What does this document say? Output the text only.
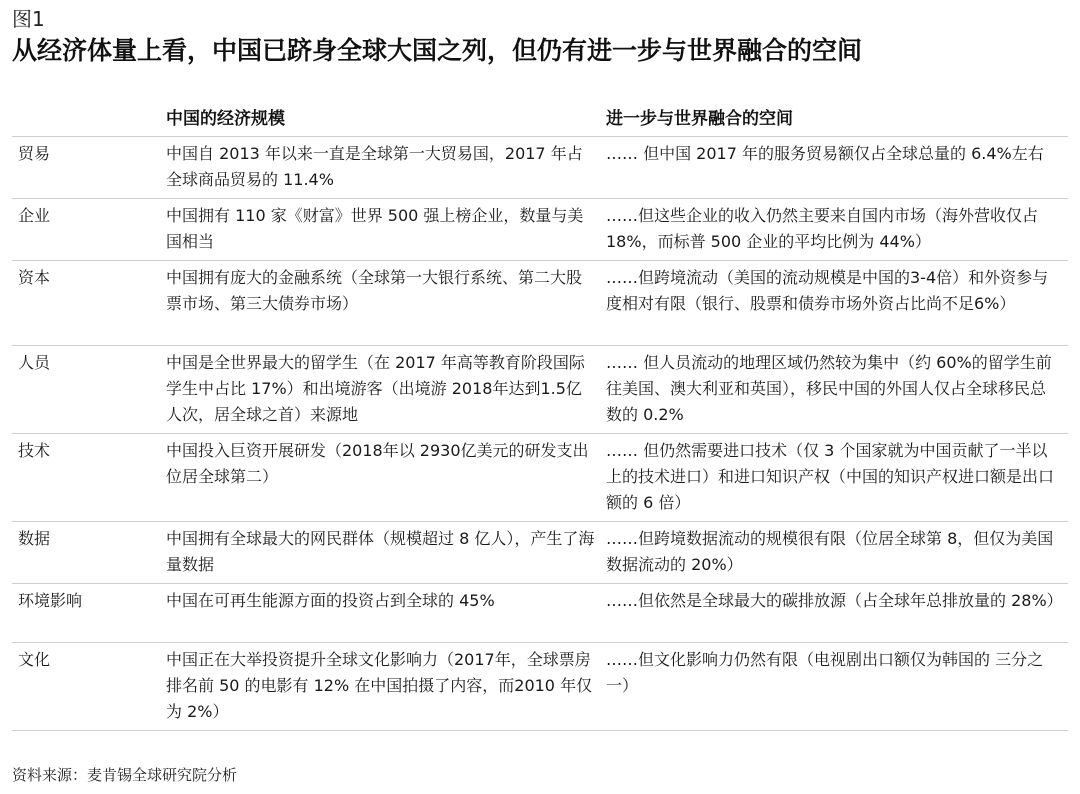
图1
从经济体量上看，中国已跻身全球大国之列，但仍有进一步与世界融合的空间
	中国的经济规模	进一步与世界融合的空间
贸易	中国自 2013 年以来一直是全球第一大贸易国，2017 年占全球商品贸易的 11.4%	…… 但中国 2017 年的服务贸易额仅占全球总量的 6.4%左右
企业	中国拥有 110 家《财富》世界 500 强上榜企业，数量与美国相当	……但这些企业的收入仍然主要来自国内市场（海外营收仅占 18%，而标普 500 企业的平均比例为 44%）
资本	中国拥有庞大的金融系统（全球第一大银行系统、第二大股票市场、第三大债券市场）	……但跨境流动（美国的流动规模是中国的3-4倍）和外资参与度相对有限（银行、股票和债券市场外资占比尚不足6%）
人员	中国是全世界最大的留学生（在 2017 年高等教育阶段国际学生中占比 17%）和出境游客（出境游 2018年达到1.5亿人次，居全球之首）来源地	…… 但人员流动的地理区域仍然较为集中（约 60%的留学生前往美国、澳大利亚和英国），移民中国的外国人仅占全球移民总数的 0.2%
技术	中国投入巨资开展研发（2018年以 2930亿美元的研发支出位居全球第二）	…… 但仍然需要进口技术（仅 3 个国家就为中国贡献了一半以上的技术进口）和进口知识产权（中国的知识产权进口额是出口额的 6 倍）
数据	中国拥有全球最大的网民群体（规模超过 8 亿人），产生了海量数据	……但跨境数据流动的规模很有限（位居全球第 8，但仅为美国数据流动的 20%）
环境影响	中国在可再生能源方面的投资占到全球的 45%	……但依然是全球最大的碳排放源（占全球年总排放量的 28%）
文化	中国正在大举投资提升全球文化影响力（2017年，全球票房排名前 50 的电影有 12% 在中国拍摄了内容，而2010 年仅为 2%）	……但文化影响力仍然有限（电视剧出口额仅为韩国的 三分之一）
资料来源：麦肯锡全球研究院分析
